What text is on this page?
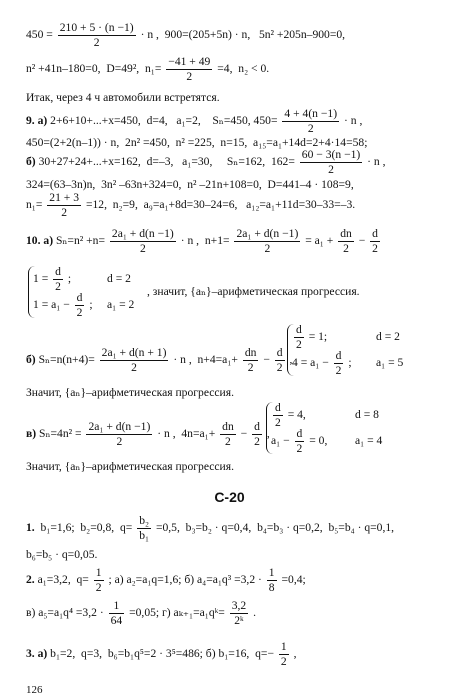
$450 = \frac{210 + 5 \cdot (n -1)}{2} \cdot n$ ,  900=(205+5n) · n,   5n² +205n–900=0,
n² +41n–180=0,  D=49²,  $n_1= \frac{-41 + 49}{2} =4$,  n₂ < 0.
Итак, через 4 ч автомобили встретятся.
9. а) 2+6+10+...+x=450,  d=4,   a₁=2,    Sₙ=450, $450= \frac{4 + 4(n -1)}{2} \cdot n$ ,
450=(2+2(n–1)) · n,  2n² =450,  n² =225,  n=15,  a₁₅=a₁+14d=2+4·14=58;
б) 30+27+24+...+x=162,  d=–3,   a₁=30,     Sₙ=162,  $162= \frac{60 - 3(n -1)}{2} \cdot n$ ,
324=(63–3n)n,  3n² –63n+324=0,  n² –21n+108=0,  D=441–4 · 108=9,
$n_1= \frac{21 + 3}{2} =12$,  n₂=9,  a₉=a₁+8d=30–24=6,   a₁₂=a₁+11d=30–33=–3.
10. а) $S_n=n^2 +n= \frac{\text{2a₁ + d(n −1)}}{2} \cdot n$ ,  $n+1= \frac{\text{2a₁ + d(n −1)}}{2} = a_1 + \frac{dn}{2} - \frac{d}{2}$
$1 = \frac{d}{2}$ ;	d = 2
$1 = a_1 - \frac{d}{2}$ ; a₁ = 2
, значит, {aₙ}–арифметическая прогрессия.
б) $S_n=n(n+4)= \frac{\text{2a₁ + d(n + 1)}}{2} \cdot n$ ,  $n+4=a_1+ \frac{dn}{2} - \frac{d}{2}$ ,
$\frac{d}{2} = 1$;	d = 2
$4 = a_1 - \frac{d}{2}$ ; a₁ = 5
Значит, {aₙ}–арифметическая прогрессия.
в) $S_n=4n^2 = \frac{\text{2a₁ + d(n −1)}}{2} \cdot n$ ,  $4n=a_1+ \frac{dn}{2} - \frac{d}{2}$ ,
$\frac{d}{2} = 4$,	d = 8
$a_1 - \frac{d}{2} = 0$, a₁ = 4
Значит, {aₙ}–арифметическая прогрессия.
С-20
1.  b₁=1,6;  b₂=0,8,  $q= \frac{\text{b₂}}{\text{b₁}} =0,5$,  b₃=b₂ · q=0,4,  b₄=b₃ · q=0,2,  b₅=b₄ · q=0,1,
b₆=b₅ · q=0,05.
2. a₁=3,2,  $q= \frac{1}{2}$ ; а) a₂=a₁q=1,6; б) $a_4=a_1q^3 =3,2 \cdot \frac{1}{8} =0,4$;
в) $a_5=a_1q^4 =3,2 \cdot \frac{1}{64} =0,05$; г) aₖ₊₁=a₁qᵏ= $\frac{3,2}{\text{2ᵏ}}$ .
3. а) b₁=2,  q=3,  b₆=b₁q⁵=2 · 3⁵=486; б) b₁=16,  $q=- \frac{1}{2}$ ,
126
